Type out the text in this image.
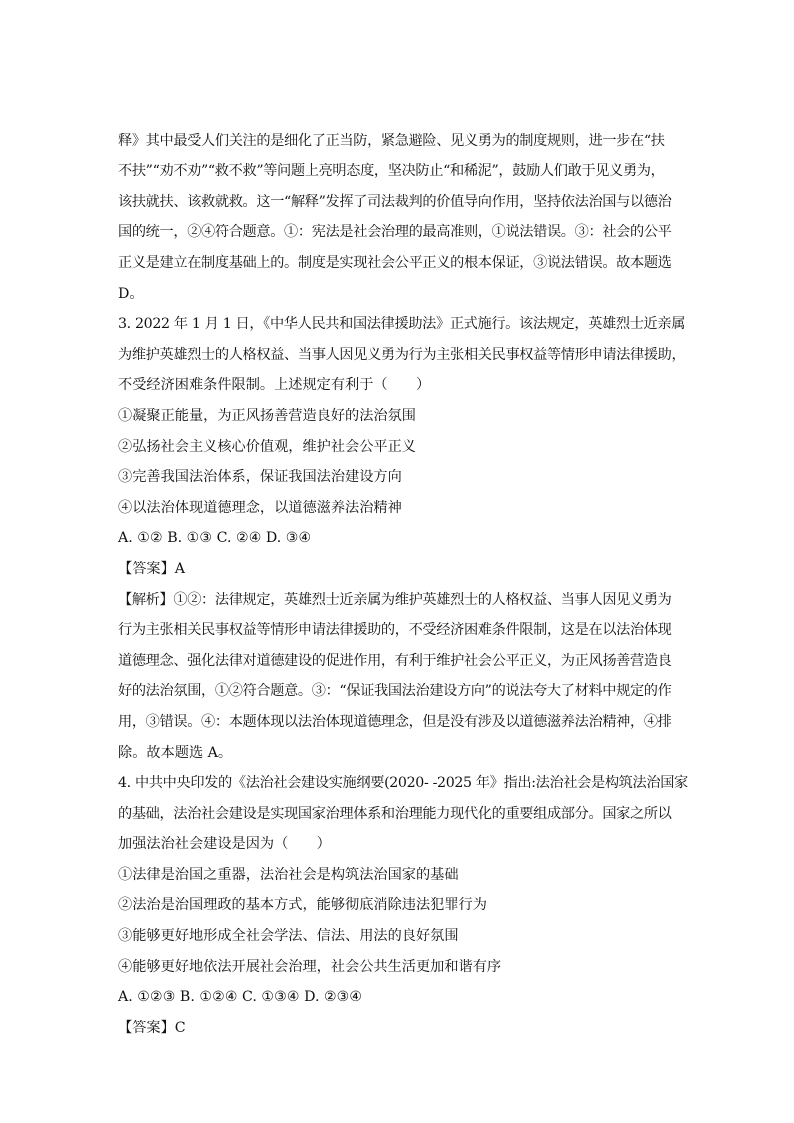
释》其中最受人们关注的是细化了正当防，紧急避险、见义勇为的制度规则，进一步在“扶
不扶”“劝不劝”“救不救”等问题上亮明态度，坚决防止“和稀泥”，鼓励人们敢于见义勇为，
该扶就扶、该救就救。这一“解释”发挥了司法裁判的价值导向作用，坚持依法治国与以德治
国的统一，②④符合题意。①：宪法是社会治理的最高准则，①说法错误。③：社会的公平
正义是建立在制度基础上的。制度是实现社会公平正义的根本保证，③说法错误。故本题选
D。
3. 2022 年 1 月 1 日，《中华人民共和国法律援助法》正式施行。该法规定，英雄烈士近亲属
为维护英雄烈士的人格权益、当事人因见义勇为行为主张相关民事权益等情形申请法律援助，
不受经济困难条件限制。上述规定有利于（　　）
①凝聚正能量，为正风扬善营造良好的法治氛围
②弘扬社会主义核心价值观，维护社会公平正义
③完善我国法治体系，保证我国法治建设方向
④以法治体现道德理念，以道德滋养法治精神
A. ①② B. ①③ C. ②④ D. ③④
【答案】A
【解析】①②：法律规定，英雄烈士近亲属为维护英雄烈士的人格权益、当事人因见义勇为
行为主张相关民事权益等情形申请法律援助的，不受经济困难条件限制，这是在以法治体现
道德理念、强化法律对道德建设的促进作用，有利于维护社会公平正义，为正风扬善营造良
好的法治氛围，①②符合题意。③：“保证我国法治建设方向”的说法夸大了材料中规定的作
用，③错误。④：本题体现以法治体现道德理念，但是没有涉及以道德滋养法治精神，④排
除。故本题选 A。
4. 中共中央印发的《法治社会建设实施纲要(2020- -2025 年》指出:法治社会是构筑法治国家
的基础，法治社会建设是实现国家治理体系和治理能力现代化的重要组成部分。国家之所以
加强法治社会建设是因为（　　）
①法律是治国之重器，法治社会是构筑法治国家的基础
②法治是治国理政的基本方式，能够彻底消除违法犯罪行为
③能够更好地形成全社会学法、信法、用法的良好氛围
④能够更好地依法开展社会治理，社会公共生活更加和谐有序
A. ①②③ B. ①②④ C. ①③④ D. ②③④
【答案】C
